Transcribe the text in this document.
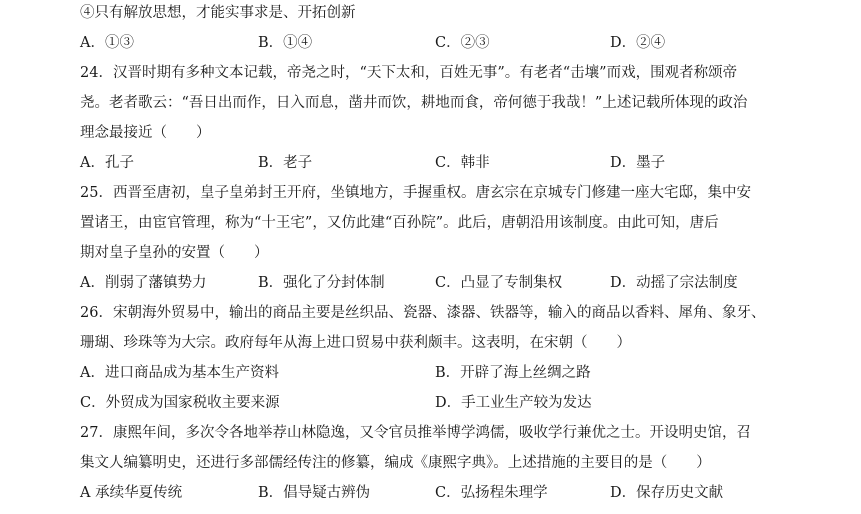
④只有解放思想，才能实事求是、开拓创新
A．①③	B．①④	C．②③	D．②④
24．汉晋时期有多种文本记载，帝尧之时，“天下太和，百姓无事”。有老者“击壤”而戏，围观者称颂帝
尧。老者歌云：“吾日出而作，日入而息，凿井而饮，耕地而食，帝何德于我哉！”上述记载所体现的政治
理念最接近（　　）
A．孔子	B．老子	C．韩非	D．墨子
25．西晋至唐初，皇子皇弟封王开府，坐镇地方，手握重权。唐玄宗在京城专门修建一座大宅邸，集中安
置诸王，由宦官管理，称为“十王宅”，又仿此建“百孙院”。此后，唐朝沿用该制度。由此可知，唐后
期对皇子皇孙的安置（　　）
A．削弱了藩镇势力	B．强化了分封体制	C．凸显了专制集权	D．动摇了宗法制度
26．宋朝海外贸易中，输出的商品主要是丝织品、瓷器、漆器、铁器等，输入的商品以香料、犀角、象牙、
珊瑚、珍珠等为大宗。政府每年从海上进口贸易中获利颇丰。这表明，在宋朝（　　）
A．进口商品成为基本生产资料	B．开辟了海上丝绸之路
C．外贸成为国家税收主要来源	D．手工业生产较为发达
27．康熙年间，多次令各地举荐山林隐逸，又令官员推举博学鸿儒，吸收学行兼优之士。开设明史馆，召
集文人编纂明史，还进行多部儒经传注的修纂，编成《康熙字典》。上述措施的主要目的是（　　）
A 承续华夏传统	B．倡导疑古辨伪	C．弘扬程朱理学	D．保存历史文献
